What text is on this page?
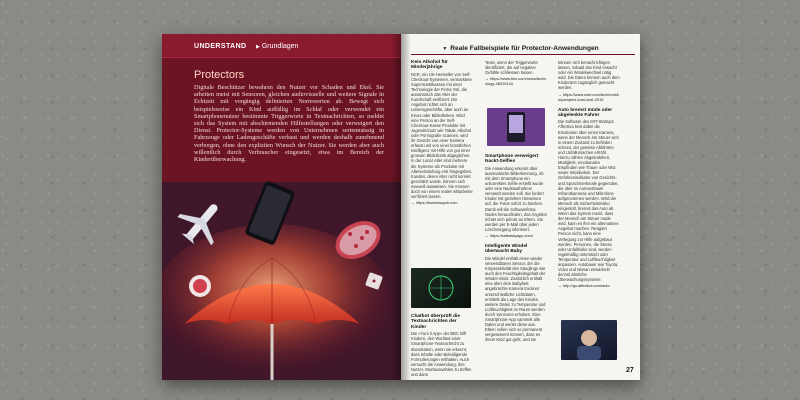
UNDERSTAND ▶ Grundlagen
Protectors
Digitale Beschützer bewahren den Nutzer vor Schaden und Ekel. Sie arbeiten meist mit Sensoren, gleichen audiovisuelle und weitere Signale in Echtzeit mit vorgängig definierten Normwerten ab. Bewegt sich beispielsweise ein Kind auffällig im Schlaf oder verwendet ein Smartphonenutzer bestimmte Triggerworte in Textnachrichten, so meldet sich das System mit abschirmenden Hilfestellungen oder verweigert den Dienst. Protector-Systeme werden von Unternehmen serienmässig in Fahrzeuge oder Ladengeschäfte verbaut und werden deshalb zunehmend verborgen, ohne den expliziten Wunsch der Nutzer. Sie werden aber auch willentlich durch Verbraucher eingesetzt, etwa im Bereich der Kinderüberwachung.
▼ Reale Fallbeispiele für Protector-Anwendungen
Kein Alkohol für Minderjährige

NCR, ein US-Hersteller von Self-Checkout-Systemen, vermarktete Supermarktkassen mit einer Technologie der Firma Yoti, die automatisch das Alter der Kundschaft verifiziert. Die Angebot richtet sich an Lebensgeschäfte, aber auch an Kinos oder Bibliotheken. Wird eine Person an der Self-Checkout-Kasse Produkte mit Jugendschutz wie Tabak, Alkohol oder Pornografie scannen, wird ihr Gesicht von einer Kamera erfasst und von einer künstlichen Intelligenz mit Hilfe von gut einer grossen Bilderbank abgeglichen. In der Lunar Alter sind mehrere die Systeme als Produkte mit Alterseinstufung erst freigegeben. Kunden, deren Alter nicht korrekt geschätzt wurde, können sich manuell ausweisen. Sie müssen doch von einem realen Mitarbeiter verifiziert lassen.

→ https://businessyoti.com
Chatbot überprüft die Textnachrichten der Kinder

Die «Yuni Ii App» der BBC hilft Kindern, den Wortlaut einer Smartphone-Textnachricht zu überdenken, wenn sie erkennt, dass Inhalte oder Beleidigende Formulierungen enthalten. Auch versucht die Anwendung, ihre Nutzer, Wortauswahlen zu treffen und dann

Texte, wenn der Triggerworte identifiziert, die auf negative Gefühle schliessen lassen.

→ https://www.bbc.com/news/technology-48319144
Smartphone verweigert Nackt-Selfies

Die Anwendung erkennt über automatische Bilderkennung, ob mit dem Smartphone ein unkorrektes Selfie erstellt wurde oder eine Nacktaufnahme versandt werden soll. Sie fordert Kinder mit gezielten Hinweisen auf, die Fotos sofort zu löschen. Damit will die Softwarefirma Nudes herausfinden, das Angebot richtet sich primär an Eltern. Sie werden per E-Mail über jeden Löschvorgang informiert.

→ https://safeaskyapp.com/
Intelligente Windel überwacht Baby

Die Windel enthält einen wieder verwendbaren Sensor, der die Körperaktivität des Säuglings wie auch den Feuchtigkeitsgehalt der Windel misst. Zusätzlich enthält eine über dem Babybett angebrachte Kamera trocknet unterschiedliche Lichtdaten, ermittelt die Lage des Kindes, weitere Daten zu Temperatur und Luftfeuchtigkeit im Raum werden durch Sensoren erhoben. Eine Smartphone-App sammelt alle Daten und wertet diese aus. Eltern sollen sich so permanent vergewissern können, dass es ihrem Kind gut geht, und sie

können sich benachrichtigen lassen, sobald das Kind erwacht oder ein Windelwechsel nötig wird. Die Daten können auch dem Kinderarzt zugänglich gemacht werden.

→ https://www.cnet.com/tech/mobile/pampers-lumi-cnet-2019
Auto bremst müde oder abgelenkte Fahrer

Die Software des MIT-Startups Affectiva liest dabei die Emotionen über einen Kamera, wenn der Mensch am Steuer sich in einem Zustand zu befinden scheint, der gewisse Abfahrten und Unfallursachen erhöht. Hierzu zählen Abgelenktheit, Müdigkeit, emotionales Empfinden wie Trauer oder Wut sowie Intoxikation. Der Gefahrenindikator von Gesichts- und Sprachmerkmale gegenüber, die über im Autoverbaute Infrarotkameras und Mikrofone aufgenommen werden. Wird der Mensch als Sicherheitsrisiko eingestuft, bremst das Auto ab. Wenn das System meint, dass der Mensch am Steuer müde wird, kann es ihm ein alternatives Angebot machen. Reagiert Person nicht, kann eine Verlegung zur Hilfe aufgebaut werden. Personen, die Stress oder Unfallrisiko sind, werden regelmäßig unterstützt oder Temperatur und Luftfeuchtigkeit anpassen. Autobauer wie Toyota, Volvo und Nissan entwickeln derzeit ähnliche Überwachungssysteme.

→ http://go.affectiva.com/auto
27
